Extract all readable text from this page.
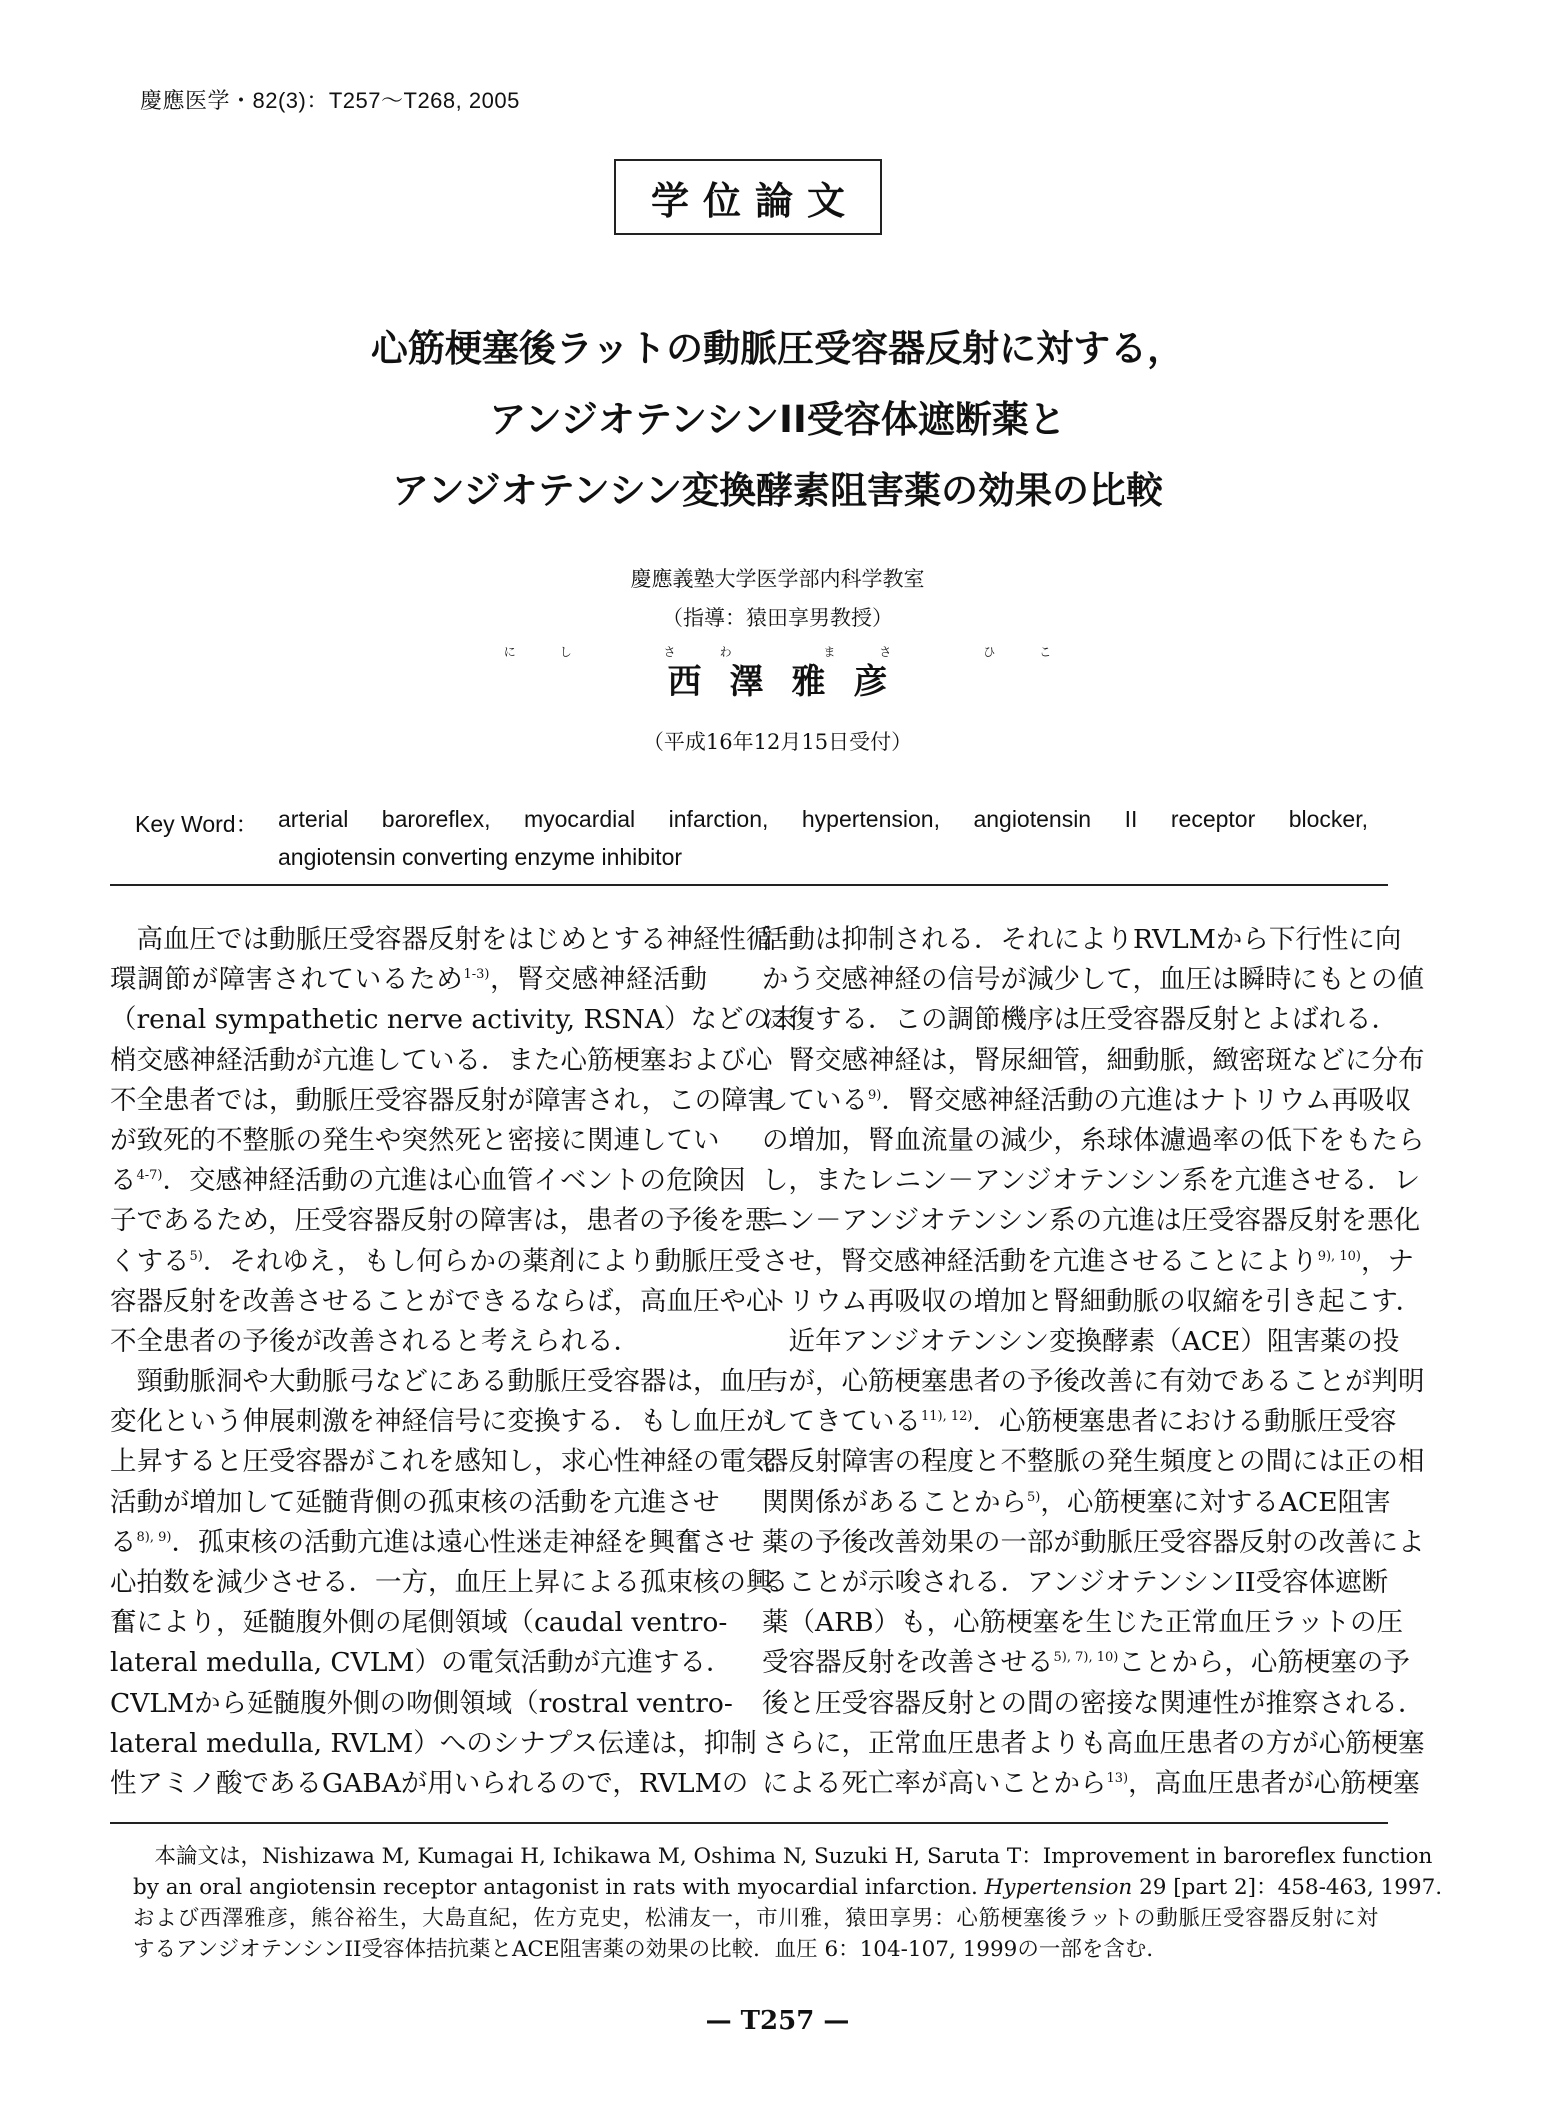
慶應医学・82(3)：T257〜T268, 2005
学位論文
心筋梗塞後ラットの動脈圧受容器反射に対する，
アンジオテンシンII受容体遮断薬と
アンジオテンシン変換酵素阻害薬の効果の比較
慶應義塾大学医学部内科学教室
（指導：猿田享男教授）
にし さわ まさ ひこ
西澤雅彦
（平成16年12月15日受付）
Key Word： arterial baroreflex, myocardial infarction, hypertension, angiotensin II receptor blocker,
angiotensin converting enzyme inhibitor
　高血圧では動脈圧受容器反射をはじめとする神経性循
環調節が障害されているため$^{1-3)}$，腎交感神経活動
（renal sympathetic nerve activity, RSNA）などの末
梢交感神経活動が亢進している．また心筋梗塞および心
不全患者では，動脈圧受容器反射が障害され，この障害
が致死的不整脈の発生や突然死と密接に関連してい
る$^{4-7)}$．交感神経活動の亢進は心血管イベントの危険因
子であるため，圧受容器反射の障害は，患者の予後を悪
くする$^{5)}$．それゆえ，もし何らかの薬剤により動脈圧受
容器反射を改善させることができるならば，高血圧や心
不全患者の予後が改善されると考えられる．
　頸動脈洞や大動脈弓などにある動脈圧受容器は，血圧
変化という伸展刺激を神経信号に変換する．もし血圧が
上昇すると圧受容器がこれを感知し，求心性神経の電気
活動が増加して延髄背側の孤束核の活動を亢進させ
る$^{8), 9)}$．孤束核の活動亢進は遠心性迷走神経を興奮させ
心拍数を減少させる．一方，血圧上昇による孤束核の興
奮により，延髄腹外側の尾側領域（caudal ventro-
lateral medulla, CVLM）の電気活動が亢進する．
CVLMから延髄腹外側の吻側領域（rostral ventro-
lateral medulla, RVLM）へのシナプス伝達は，抑制
性アミノ酸であるGABAが用いられるので，RVLMの
活動は抑制される．それによりRVLMから下行性に向
かう交感神経の信号が減少して，血圧は瞬時にもとの値
に復する．この調節機序は圧受容器反射とよばれる．
　腎交感神経は，腎尿細管，細動脈，緻密斑などに分布
している$^{9)}$．腎交感神経活動の亢進はナトリウム再吸収
の増加，腎血流量の減少，糸球体濾過率の低下をもたら
し，またレニン－アンジオテンシン系を亢進させる．レ
ニン－アンジオテンシン系の亢進は圧受容器反射を悪化
させ，腎交感神経活動を亢進させることにより$^{9), 10)}$，ナ
トリウム再吸収の増加と腎細動脈の収縮を引き起こす．
　近年アンジオテンシン変換酵素（ACE）阻害薬の投
与が，心筋梗塞患者の予後改善に有効であることが判明
してきている$^{11), 12)}$．心筋梗塞患者における動脈圧受容
器反射障害の程度と不整脈の発生頻度との間には正の相
関関係があることから$^{5)}$，心筋梗塞に対するACE阻害
薬の予後改善効果の一部が動脈圧受容器反射の改善によ
ることが示唆される．アンジオテンシンII受容体遮断
薬（ARB）も，心筋梗塞を生じた正常血圧ラットの圧
受容器反射を改善させる$^{5), 7), 10)}$ことから，心筋梗塞の予
後と圧受容器反射との間の密接な関連性が推察される．
さらに，正常血圧患者よりも高血圧患者の方が心筋梗塞
による死亡率が高いことから$^{13)}$，高血圧患者が心筋梗塞
　本論文は，Nishizawa M, Kumagai H, Ichikawa M, Oshima N, Suzuki H, Saruta T：Improvement in baroreflex function
by an oral angiotensin receptor antagonist in rats with myocardial infarction. Hypertension 29 [part 2]：458-463, 1997.
および西澤雅彦，熊谷裕生，大島直紀，佐方克史，松浦友一，市川雅，猿田享男：心筋梗塞後ラットの動脈圧受容器反射に対
するアンジオテンシンII受容体拮抗薬とACE阻害薬の効果の比較．血圧 6：104-107, 1999の一部を含む．
— T257 —
